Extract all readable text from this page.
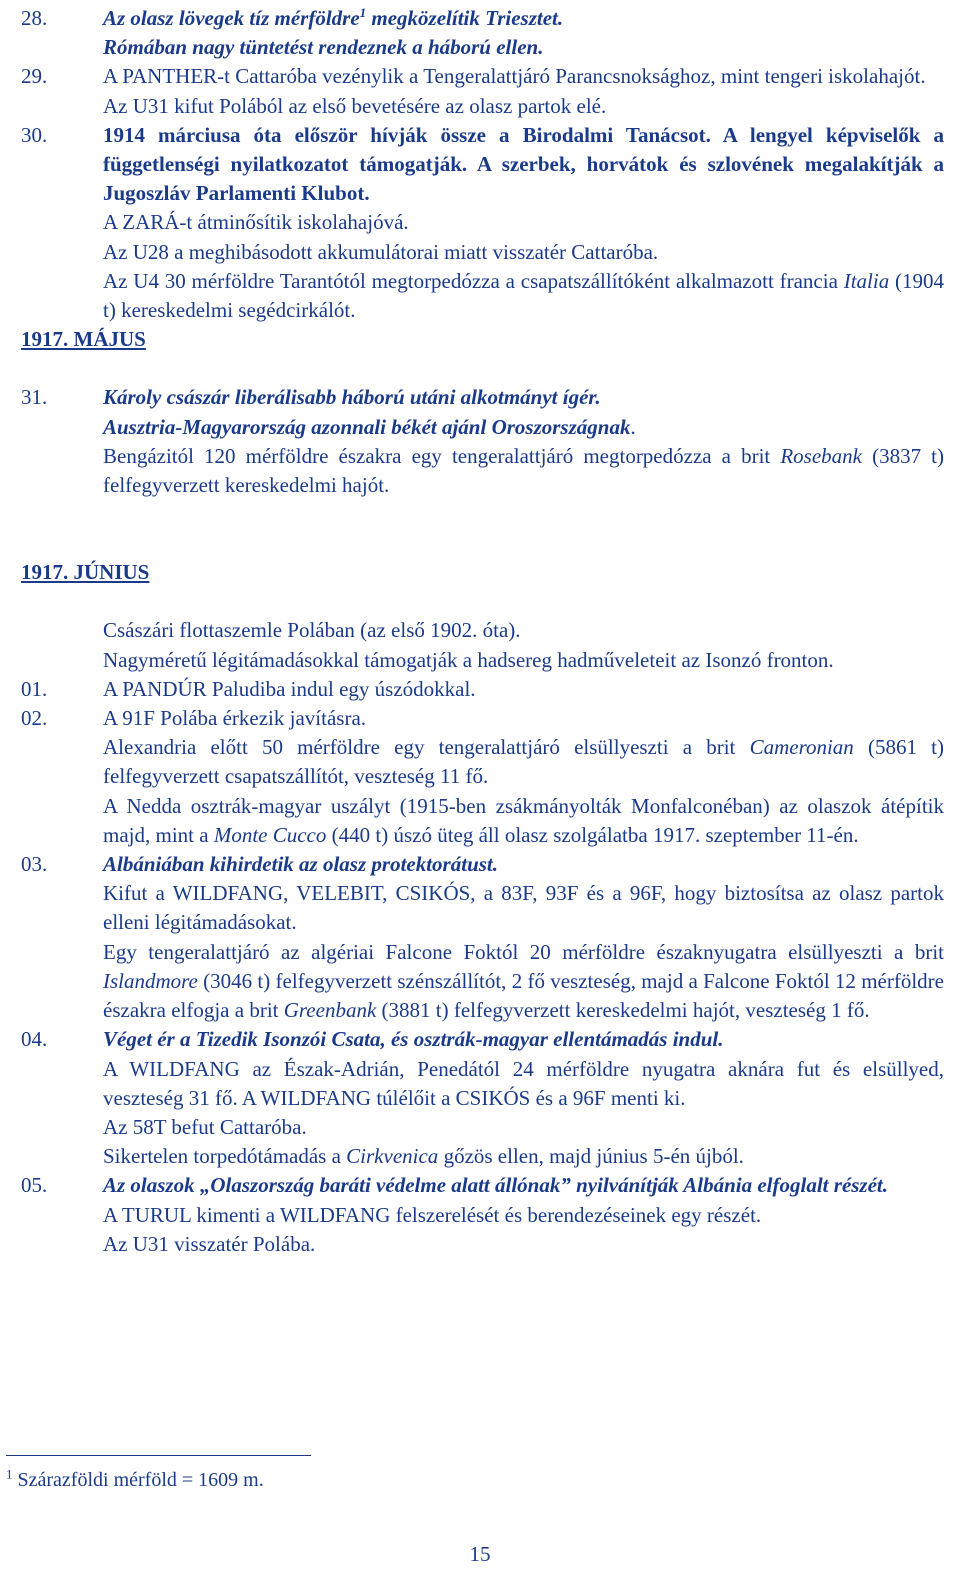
28.	Az olasz lövegek tíz mérföldre$^1$ megközelítik Triesztet.
Rómában nagy tüntetést rendeznek a háború ellen.
29.	A PANTHER-t Cattaróba vezénylik a Tengeralattjáró Parancsnoksághoz, mint tengeri iskolahajót.
Az U31 kifut Polából az első bevetésére az olasz partok elé.
30.	1914 márciusa óta először hívják össze a Birodalmi Tanácsot. A lengyel képviselők a függetlenségi nyilatkozatot támogatják. A szerbek, horvátok és szlovének megalakítják a Jugoszláv Parlamenti Klubot.
A ZARÁ-t átminősítik iskolahajóvá.
Az U28 a meghibásodott akkumulátorai miatt visszatér Cattaróba.
Az U4 30 mérföldre Tarantótól megtorpedózza a csapatszállítóként alkalmazott francia Italia (1904 t) kereskedelmi segédcirkálót.
1917. MÁJUS
31.	Károly császár liberálisabb háború utáni alkotmányt ígér.
Ausztria-Magyarország azonnali békét ajánl Oroszországnak.
Bengázitól 120 mérföldre északra egy tengeralattjáró megtorpedózza a brit Rosebank (3837 t) felfegyverzett kereskedelmi hajót.
1917. JÚNIUS
Császári flottaszemle Polában (az első 1902. óta).
Nagyméretű légitámadásokkal támogatják a hadsereg hadműveleteit az Isonzó fronton.
01.	A PANDÚR Paludiba indul egy úszódokkal.
02.	A 91F Polába érkezik javításra.
Alexandria előtt 50 mérföldre egy tengeralattjáró elsüllyeszti a brit Cameronian (5861 t) felfegyverzett csapatszállítót, veszteség 11 fő.
A Nedda osztrák-magyar uszályt (1915-ben zsákmányolták Monfalconéban) az olaszok átépítik majd, mint a Monte Cucco (440 t) úszó üteg áll olasz szolgálatba 1917. szeptember 11-én.
03.	Albániában kihirdetik az olasz protektorátust.
Kifut a WILDFANG, VELEBIT, CSIKÓS, a 83F, 93F és a 96F, hogy biztosítsa az olasz partok elleni légitámadásokat.
Egy tengeralattjáró az algériai Falcone Foktól 20 mérföldre északnyugatra elsüllyeszti a brit Islandmore (3046 t) felfegyverzett szénszállítót, 2 fő veszteség, majd a Falcone Foktól 12 mérföldre északra elfogja a brit Greenbank (3881 t) felfegyverzett kereskedelmi hajót, veszteség 1 fő.
04.	Véget ér a Tizedik Isonzói Csata, és osztrák-magyar ellentámadás indul.
A WILDFANG az Észak-Adrián, Penedától 24 mérföldre nyugatra aknára fut és elsüllyed, veszteség 31 fő. A WILDFANG túlélőit a CSIKÓS és a 96F menti ki.
Az 58T befut Cattaróba.
Sikertelen torpedótámadás a Cirkvenica gőzös ellen, majd június 5-én újból.
05.	Az olaszok „Olaszország baráti védelme alatt állónak” nyilvánítják Albánia elfoglalt részét.
A TURUL kimenti a WILDFANG felszerelését és berendezéseinek egy részét.
Az U31 visszatér Polába.
$^1$ Szárazföldi mérföld = 1609 m.
15
